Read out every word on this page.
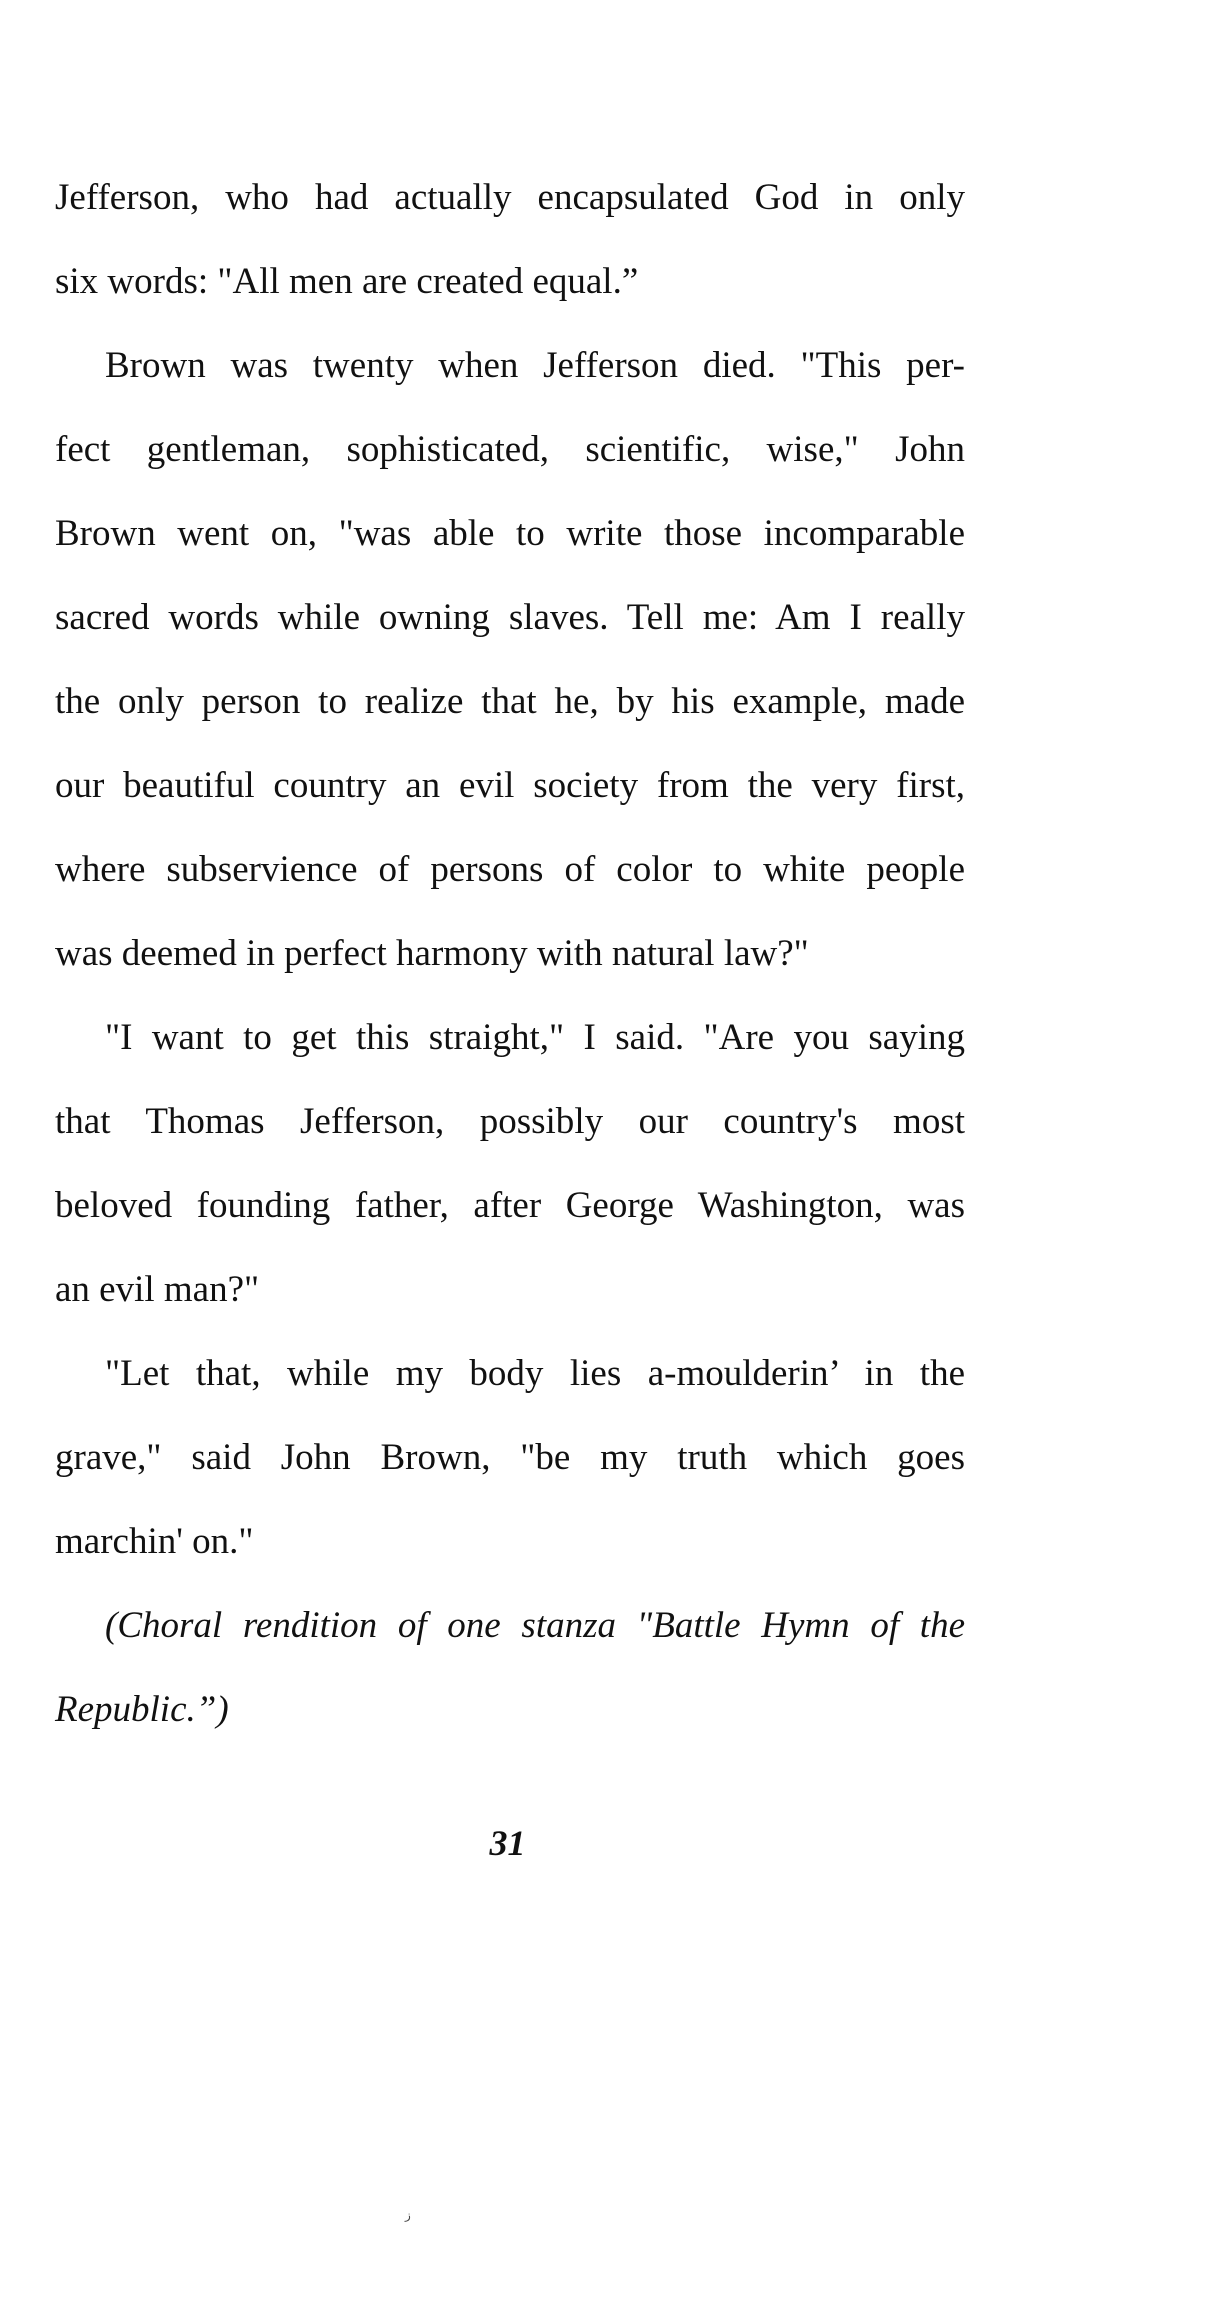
Jefferson, who had actually encapsulated God in only
six words: "All men are created equal.”
Brown was twenty when Jefferson died. "This per-
fect gentleman, sophisticated, scientific, wise," John
Brown went on, "was able to write those incomparable
sacred words while owning slaves. Tell me: Am I really
the only person to realize that he, by his example, made
our beautiful country an evil society from the very first,
where subservience of persons of color to white people
was deemed in perfect harmony with natural law?"
"I want to get this straight," I said. "Are you saying
that Thomas Jefferson, possibly our country's most
beloved founding father, after George Washington, was
an evil man?"
"Let that, while my body lies a-moulderin’ in the
grave," said John Brown, "be my truth which goes
marchin' on."
(Choral rendition of one stanza "Battle Hymn of the
Republic.”)
31
ز
